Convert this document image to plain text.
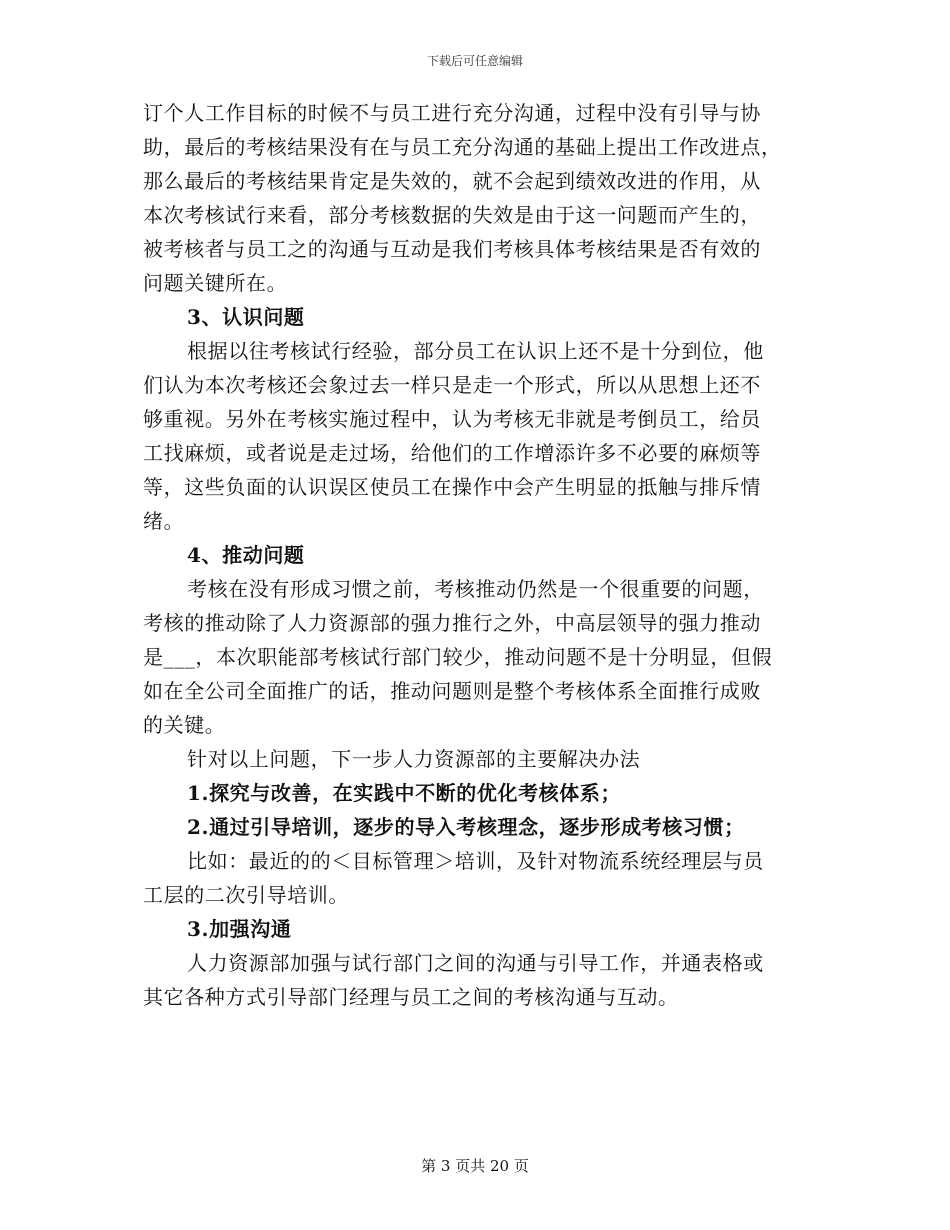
下载后可任意编辑
订个人工作目标的时候不与员工进行充分沟通，过程中没有引导与协
助，最后的考核结果没有在与员工充分沟通的基础上提出工作改进点，
那么最后的考核结果肯定是失效的，就不会起到绩效改进的作用，从
本次考核试行来看，部分考核数据的失效是由于这一问题而产生的，
被考核者与员工之的沟通与互动是我们考核具体考核结果是否有效的
问题关键所在。
3、认识问题
根据以往考核试行经验，部分员工在认识上还不是十分到位，他
们认为本次考核还会象过去一样只是走一个形式，所以从思想上还不
够重视。另外在考核实施过程中，认为考核无非就是考倒员工，给员
工找麻烦，或者说是走过场，给他们的工作增添许多不必要的麻烦等
等，这些负面的认识误区使员工在操作中会产生明显的抵触与排斥情
绪。
4、推动问题
考核在没有形成习惯之前，考核推动仍然是一个很重要的问题，
考核的推动除了人力资源部的强力推行之外，中高层领导的强力推动
是___，本次职能部考核试行部门较少，推动问题不是十分明显，但假
如在全公司全面推广的话，推动问题则是整个考核体系全面推行成败
的关键。
针对以上问题，下一步人力资源部的主要解决办法
1.探究与改善，在实践中不断的优化考核体系；
2.通过引导培训，逐步的导入考核理念，逐步形成考核习惯；
比如：最近的的＜目标管理＞培训，及针对物流系统经理层与员
工层的二次引导培训。
3.加强沟通
人力资源部加强与试行部门之间的沟通与引导工作，并通表格或
其它各种方式引导部门经理与员工之间的考核沟通与互动。
第 3 页共 20 页
